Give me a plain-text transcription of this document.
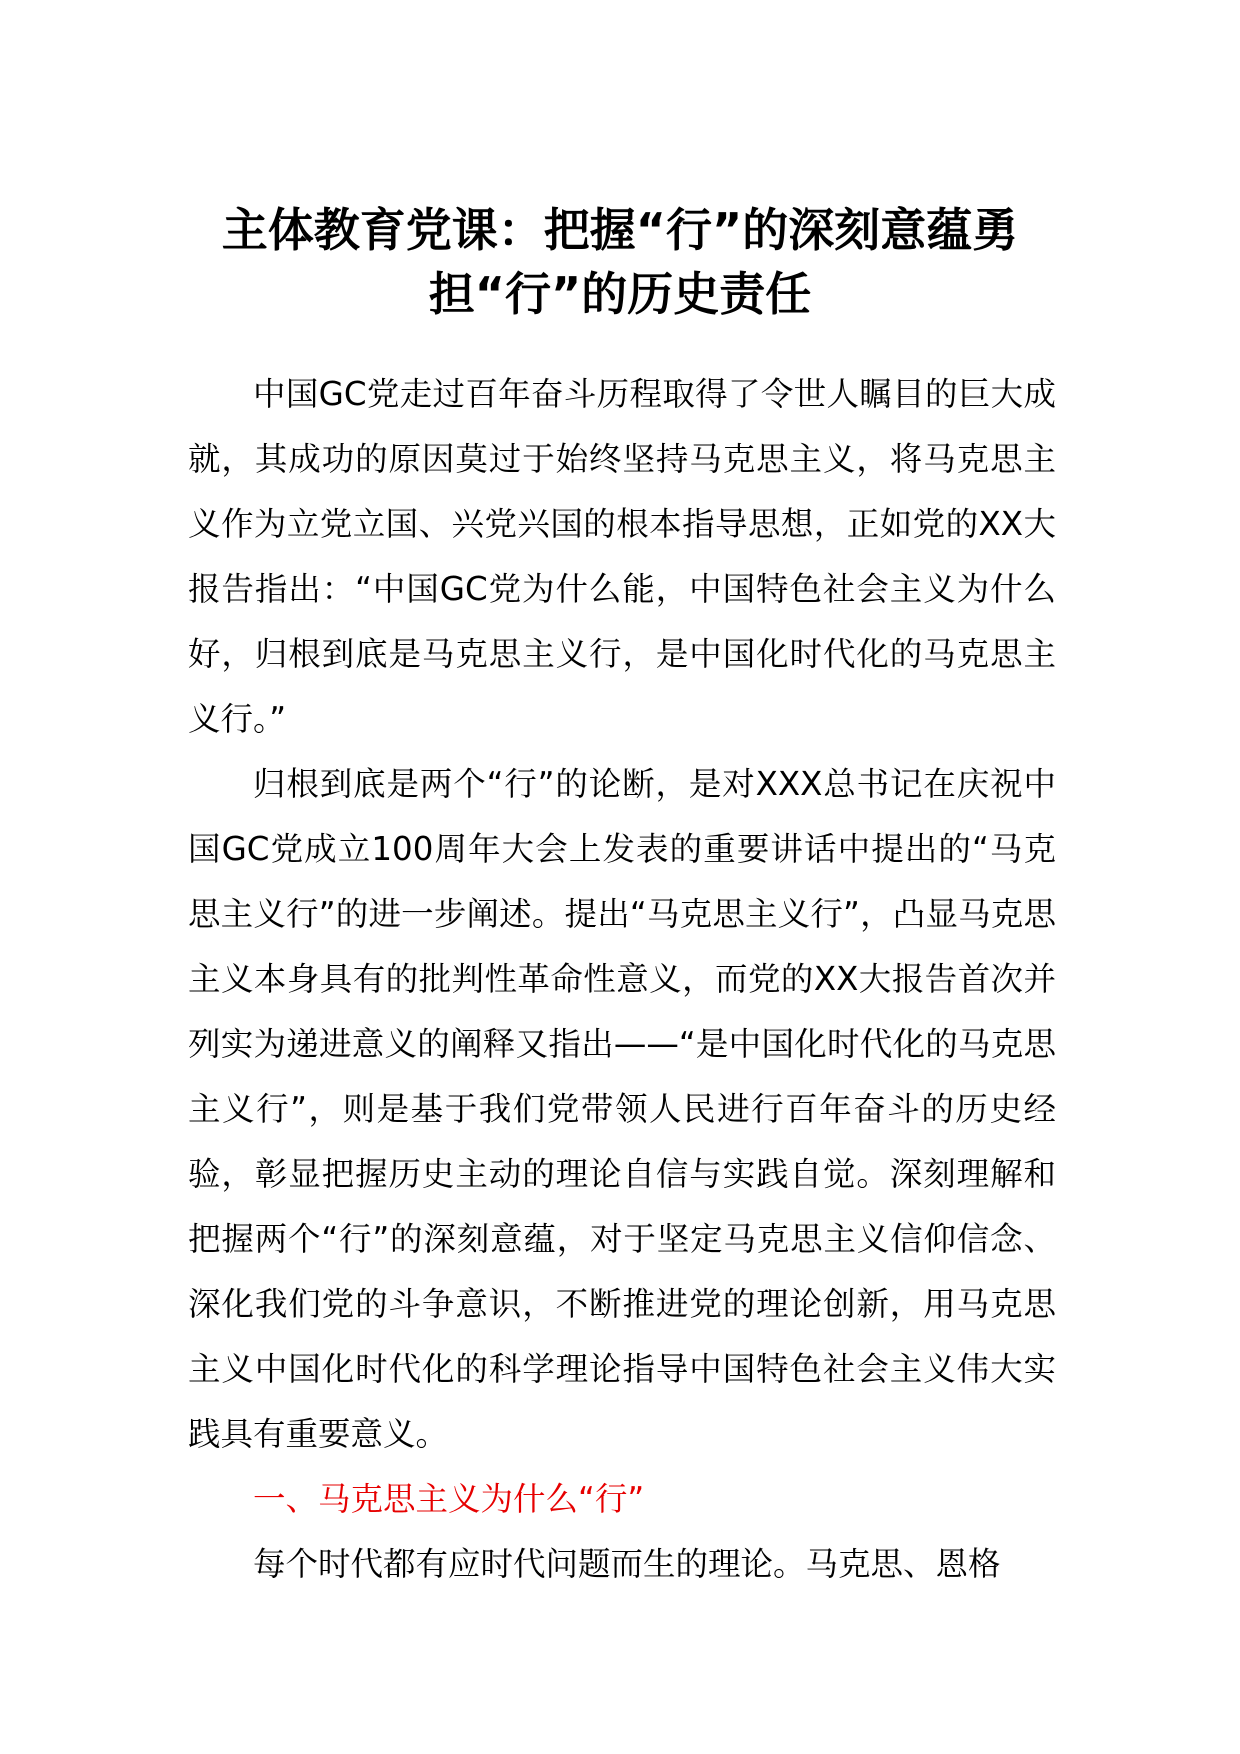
主体教育党课：把握“行”的深刻意蕴勇担“行”的历史责任

中国GC党走过百年奋斗历程取得了令世人瞩目的巨大成就，其成功的原因莫过于始终坚持马克思主义，将马克思主义作为立党立国、兴党兴国的根本指导思想，正如党的XX大报告指出：“中国GC党为什么能，中国特色社会主义为什么好，归根到底是马克思主义行，是中国化时代化的马克思主义行。”

归根到底是两个“行”的论断，是对XXX总书记在庆祝中国GC党成立100周年大会上发表的重要讲话中提出的“马克思主义行”的进一步阐述。提出“马克思主义行”，凸显马克思主义本身具有的批判性革命性意义，而党的XX大报告首次并列实为递进意义的阐释又指出——“是中国化时代化的马克思主义行”，则是基于我们党带领人民进行百年奋斗的历史经验，彰显把握历史主动的理论自信与实践自觉。深刻理解和把握两个“行”的深刻意蕴，对于坚定马克思主义信仰信念、深化我们党的斗争意识，不断推进党的理论创新，用马克思主义中国化时代化的科学理论指导中国特色社会主义伟大实践具有重要意义。

一、马克思主义为什么“行”

每个时代都有应时代问题而生的理论。马克思、恩格
